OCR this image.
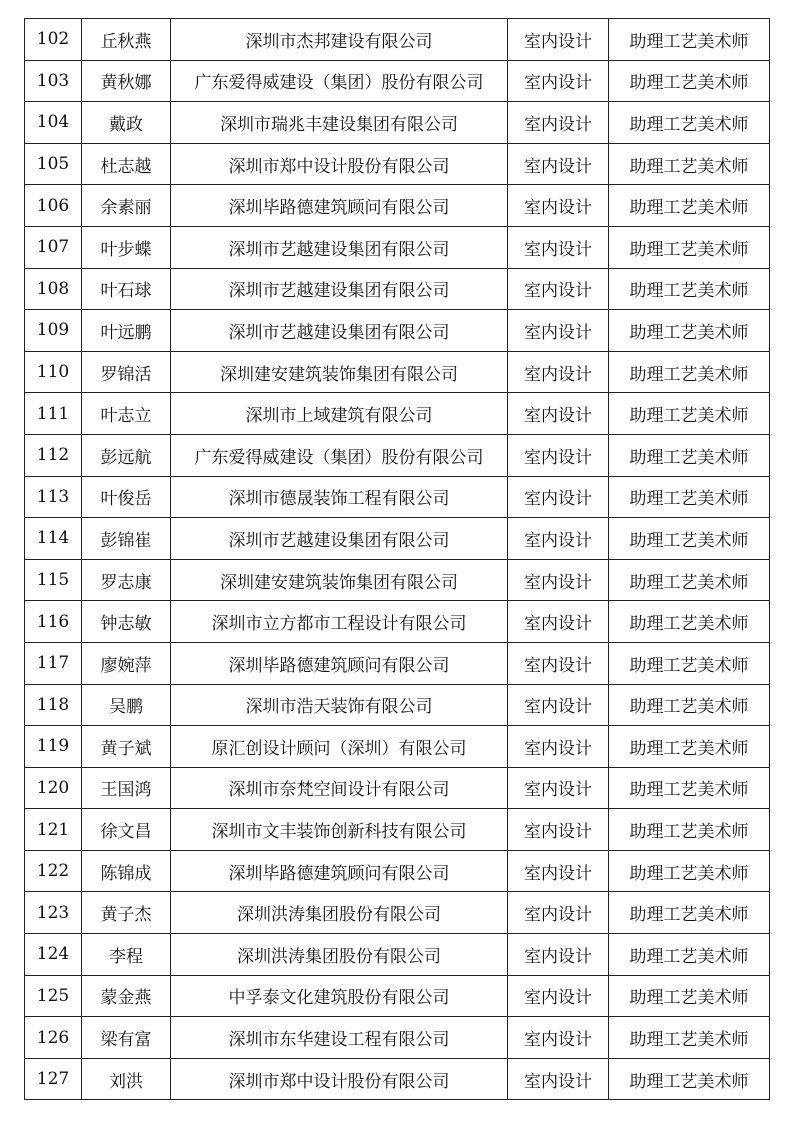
102	丘秋燕	深圳市杰邦建设有限公司	室内设计	助理工艺美术师
103	黄秋娜	广东爱得威建设（集团）股份有限公司	室内设计	助理工艺美术师
104	戴政	深圳市瑞兆丰建设集团有限公司	室内设计	助理工艺美术师
105	杜志越	深圳市郑中设计股份有限公司	室内设计	助理工艺美术师
106	余素丽	深圳毕路德建筑顾问有限公司	室内设计	助理工艺美术师
107	叶步蝶	深圳市艺越建设集团有限公司	室内设计	助理工艺美术师
108	叶石球	深圳市艺越建设集团有限公司	室内设计	助理工艺美术师
109	叶远鹏	深圳市艺越建设集团有限公司	室内设计	助理工艺美术师
110	罗锦活	深圳建安建筑装饰集团有限公司	室内设计	助理工艺美术师
111	叶志立	深圳市上域建筑有限公司	室内设计	助理工艺美术师
112	彭远航	广东爱得威建设（集团）股份有限公司	室内设计	助理工艺美术师
113	叶俊岳	深圳市德晟装饰工程有限公司	室内设计	助理工艺美术师
114	彭锦崔	深圳市艺越建设集团有限公司	室内设计	助理工艺美术师
115	罗志康	深圳建安建筑装饰集团有限公司	室内设计	助理工艺美术师
116	钟志敏	深圳市立方都市工程设计有限公司	室内设计	助理工艺美术师
117	廖婉萍	深圳毕路德建筑顾问有限公司	室内设计	助理工艺美术师
118	吴鹏	深圳市浩天装饰有限公司	室内设计	助理工艺美术师
119	黄子斌	原汇创设计顾问（深圳）有限公司	室内设计	助理工艺美术师
120	王国鸿	深圳市奈梵空间设计有限公司	室内设计	助理工艺美术师
121	徐文昌	深圳市文丰装饰创新科技有限公司	室内设计	助理工艺美术师
122	陈锦成	深圳毕路德建筑顾问有限公司	室内设计	助理工艺美术师
123	黄子杰	深圳洪涛集团股份有限公司	室内设计	助理工艺美术师
124	李程	深圳洪涛集团股份有限公司	室内设计	助理工艺美术师
125	蒙金燕	中孚泰文化建筑股份有限公司	室内设计	助理工艺美术师
126	梁有富	深圳市东华建设工程有限公司	室内设计	助理工艺美术师
127	刘洪	深圳市郑中设计股份有限公司	室内设计	助理工艺美术师
